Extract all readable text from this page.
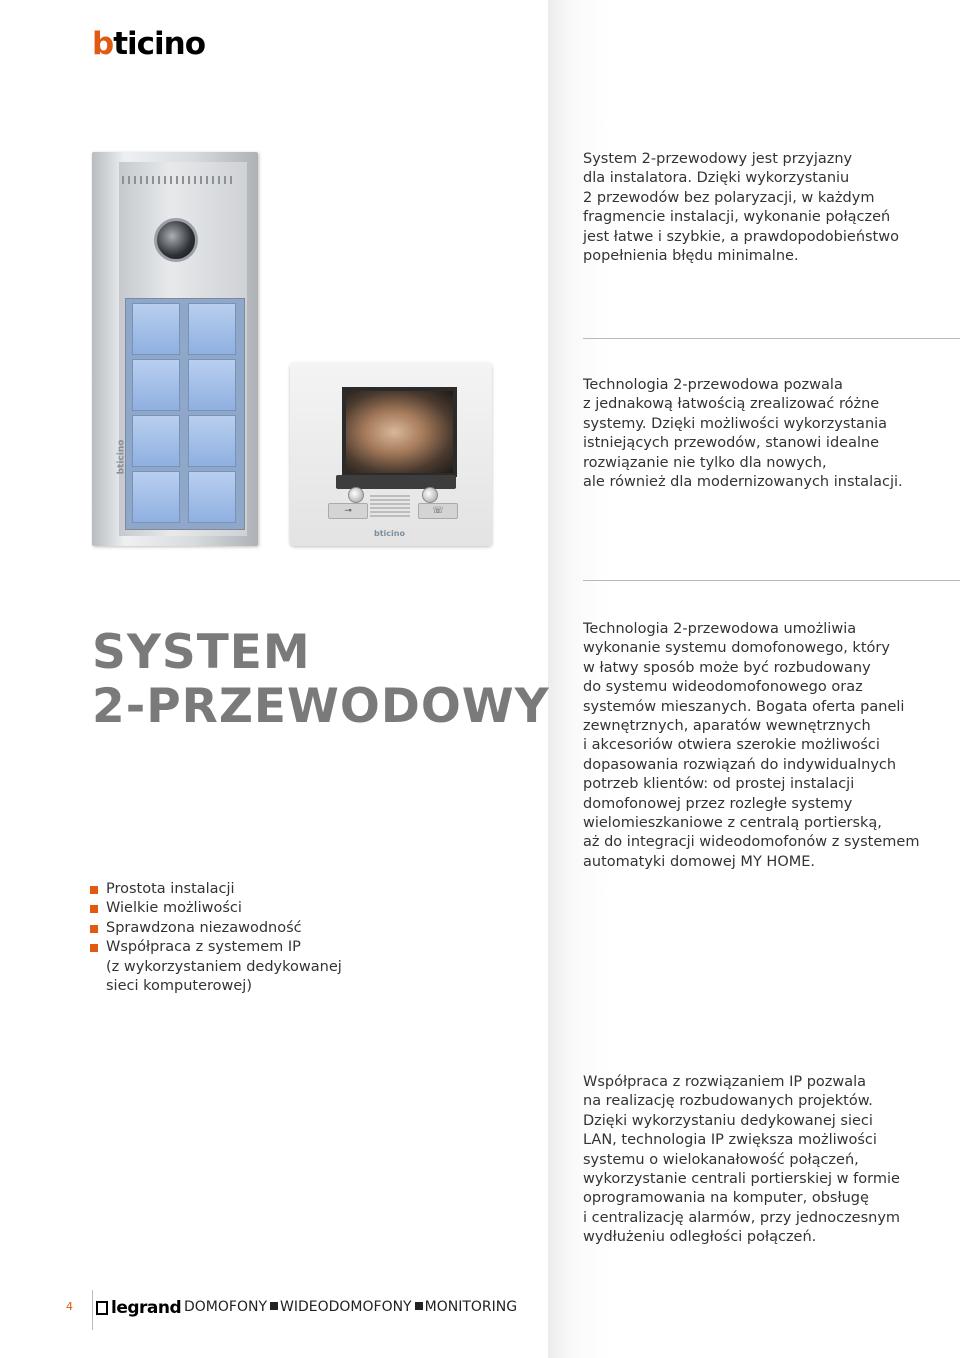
bticino
bticino
⊸	☏
bticino
System 2-przewodowy jest przyjazny
dla instalatora. Dzięki wykorzystaniu
2 przewodów bez polaryzacji, w każdym
fragmencie instalacji, wykonanie połączeń
jest łatwe i szybkie, a prawdopodobieństwo
popełnienia błędu minimalne.
Technologia 2-przewodowa pozwala
z jednakową łatwością zrealizować różne
systemy. Dzięki możliwości wykorzystania
istniejących przewodów, stanowi idealne
rozwiązanie nie tylko dla nowych,
ale również dla modernizowanych instalacji.
SYSTEM
2-PRZEWODOWY
Technologia 2-przewodowa umożliwia
wykonanie systemu domofonowego, który
w łatwy sposób może być rozbudowany
do systemu wideodomofonowego oraz
systemów mieszanych. Bogata oferta paneli
zewnętrznych, aparatów wewnętrznych
i akcesoriów otwiera szerokie możliwości
dopasowania rozwiązań do indywidualnych
potrzeb klientów: od prostej instalacji
domofonowej przez rozległe systemy
wielomieszkaniowe z centralą portierską,
aż do integracji wideodomofonów z systemem
automatyki domowej MY HOME.
Prostota instalacji
Wielkie możliwości
Sprawdzona niezawodność
Współpraca z systemem IP
(z wykorzystaniem dedykowanej
sieci komputerowej)
Współpraca z rozwiązaniem IP pozwala
na realizację rozbudowanych projektów.
Dzięki wykorzystaniu dedykowanej sieci
LAN, technologia IP zwiększa możliwości
systemu o wielokanałowość połączeń,
wykorzystanie centrali portierskiej w formie
oprogramowania na komputer, obsługę
i centralizację alarmów, przy jednoczesnym
wydłużeniu odległości połączeń.
4	legrand DOMOFONY WIDEODOMOFONY MONITORING
